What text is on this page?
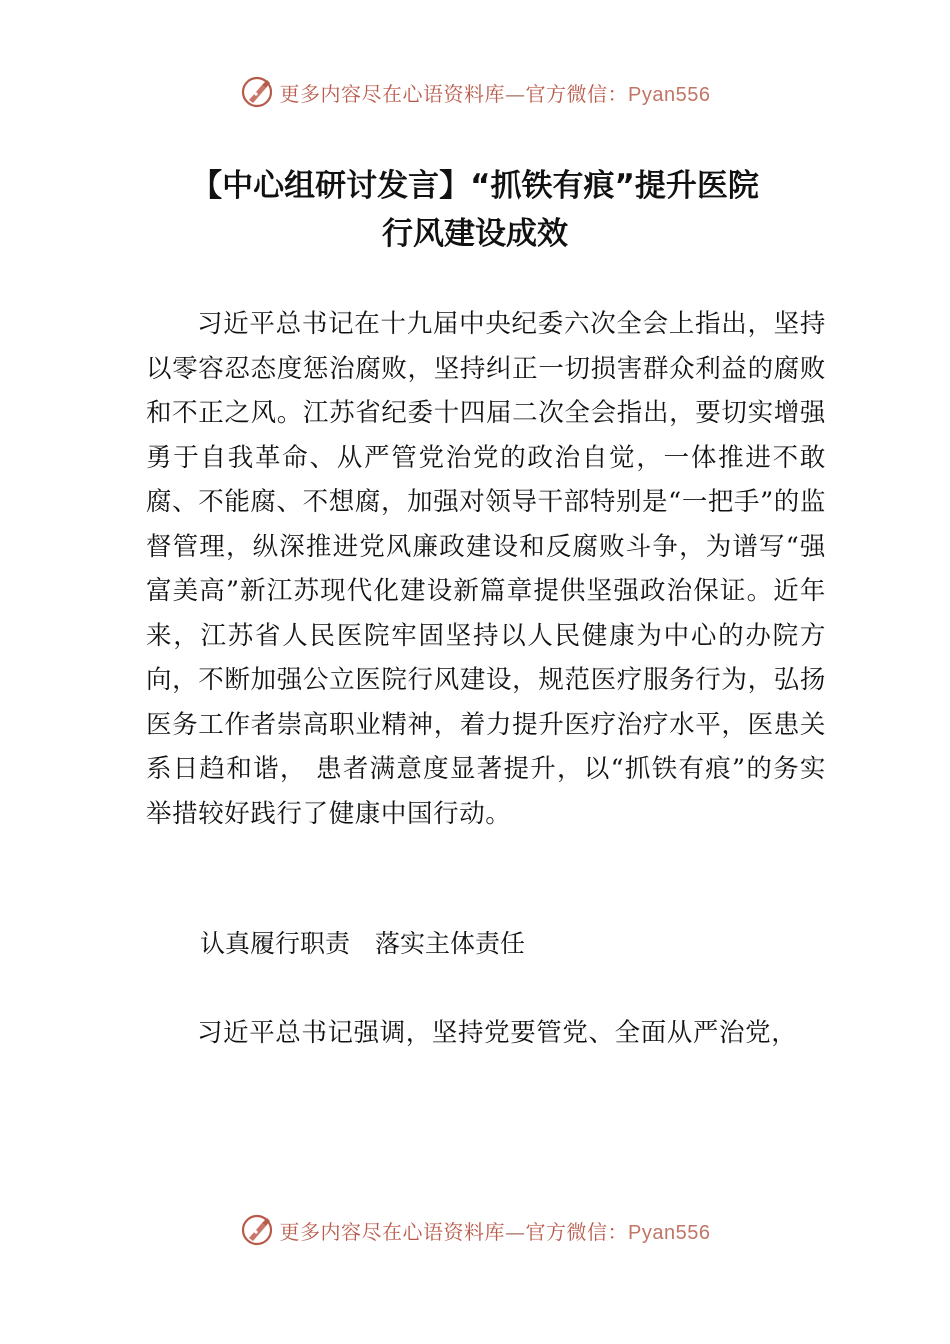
更多内容尽在心语资料库—官方微信：Pyan556
【中心组研讨发言】“抓铁有痕”提升医院
行风建设成效

习近平总书记在十九届中央纪委六次全会上指出，坚持以零容忍态度惩治腐败，坚持纠正一切损害群众利益的腐败和不正之风。江苏省纪委十四届二次全会指出，要切实增强勇于自我革命、从严管党治党的政治自觉，一体推进不敢腐、不能腐、不想腐，加强对领导干部特别是“一把手”的监督管理，纵深推进党风廉政建设和反腐败斗争，为谱写“强富美高”新江苏现代化建设新篇章提供坚强政治保证。近年来，江苏省人民医院牢固坚持以人民健康为中心的办院方向，不断加强公立医院行风建设，规范医疗服务行为，弘扬医务工作者崇高职业精神，着力提升医疗治疗水平，医患关系日趋和谐， 患者满意度显著提升，以“抓铁有痕”的务实举措较好践行了健康中国行动。

认真履行职责　落实主体责任

习近平总书记强调，坚持党要管党、全面从严治党，

更多内容尽在心语资料库—官方微信：Pyan556
